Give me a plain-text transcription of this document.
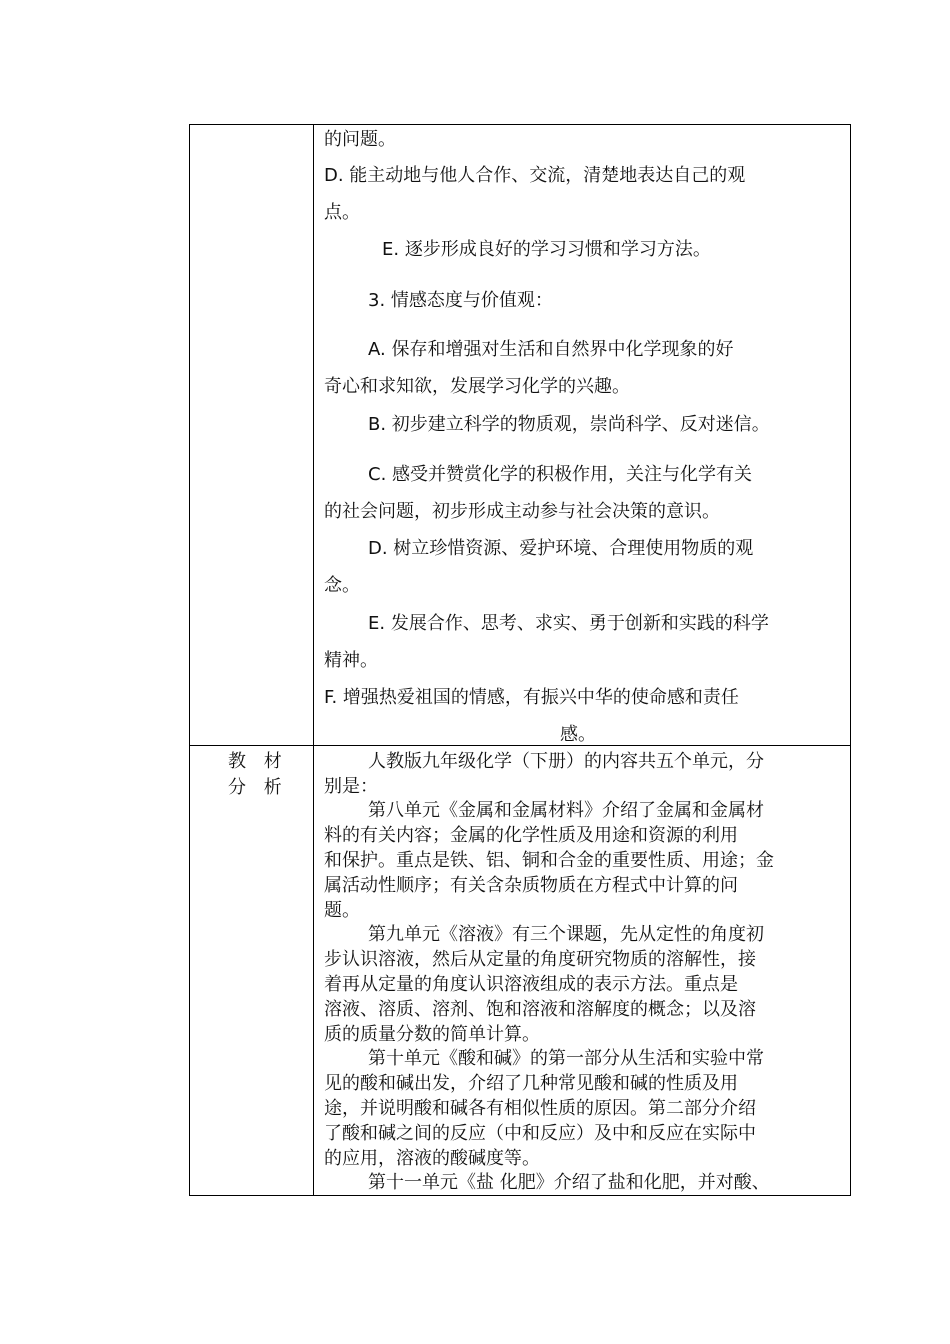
的问题。

D. 能主动地与他人合作、交流，清楚地表达自己的观

点。

E. 逐步形成良好的学习习惯和学习方法。

3. 情感态度与价值观：

A. 保存和增强对生活和自然界中化学现象的好

奇心和求知欲，发展学习化学的兴趣。

B. 初步建立科学的物质观，崇尚科学、反对迷信。

C. 感受并赞赏化学的积极作用，关注与化学有关

的社会问题，初步形成主动参与社会决策的意识。

D. 树立珍惜资源、爱护环境、合理使用物质的观

念。

E. 发展合作、思考、求实、勇于创新和实践的科学

精神。

F. 增强热爱祖国的情感，有振兴中华的使命感和责任

感。

教 材
分 析

人教版九年级化学（下册）的内容共五个单元，分

别是：

第八单元《金属和金属材料》介绍了金属和金属材

料的有关内容；金属的化学性质及用途和资源的利用

和保护。重点是铁、铝、铜和合金的重要性质、用途；金

属活动性顺序；有关含杂质物质在方程式中计算的问

题。

第九单元《溶液》有三个课题，先从定性的角度初

步认识溶液，然后从定量的角度研究物质的溶解性，接

着再从定量的角度认识溶液组成的表示方法。重点是

溶液、溶质、溶剂、饱和溶液和溶解度的概念；以及溶

质的质量分数的简单计算。

第十单元《酸和碱》的第一部分从生活和实验中常

见的酸和碱出发，介绍了几种常见酸和碱的性质及用

途，并说明酸和碱各有相似性质的原因。第二部分介绍

了酸和碱之间的反应（中和反应）及中和反应在实际中

的应用，溶液的酸碱度等。

第十一单元《盐 化肥》介绍了盐和化肥，并对酸、
